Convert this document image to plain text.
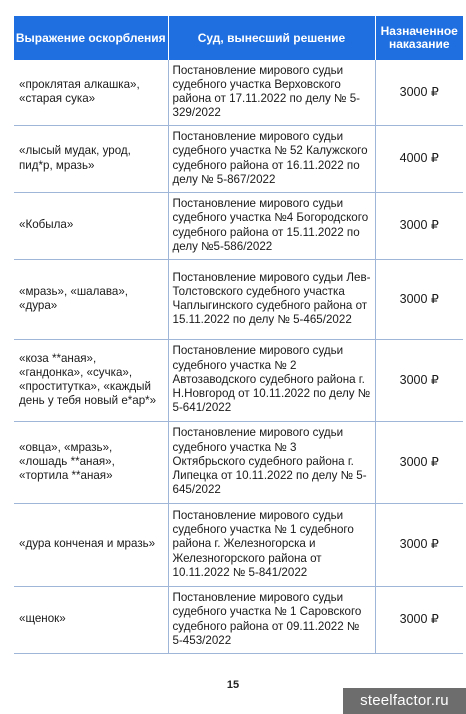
Выражение оскорбления	Суд, вынесший решение	Назначенное наказание
«проклятая алкашка», «старая сука»	Постановление мирового судьи судебного участка Верховского района от 17.11.2022 по делу № 5-329/2022	3000 ₽
«лысый мудак, урод, пид*р, мразь»	Постановление мирового судьи судебного участка № 52 Калужского судебного района от 16.11.2022 по делу № 5-867/2022	4000 ₽
«Кобыла»	Постановление мирового судьи судебного участка №4 Богородского судебного района от 15.11.2022 по делу №5-586/2022	3000 ₽
«мразь», «шалава», «дура»	Постановление мирового судьи Лев-Толстовского судебного участка Чаплыгинского судебного района от 15.11.2022 по делу № 5-465/2022	3000 ₽
«коза **аная», «гандонка», «сучка», «проститутка», «каждый день у тебя новый е*ар*»	Постановление мирового судьи судебного участка № 2 Автозаводского судебного района г. Н.Новгород от 10.11.2022 по делу № 5-641/2022	3000 ₽
«овца», «мразь», «лошадь **аная», «тортила **аная»	Постановление мирового судьи судебного участка № 3 Октябрьского судебного района г. Липецка от 10.11.2022 по делу № 5-645/2022	3000 ₽
«дура конченая и мразь»	Постановление мирового судьи судебного участка № 1 судебного района г. Железногорска и Железногорского района от 10.11.2022 № 5-841/2022	3000 ₽
«щенок»	Постановление мирового судьи судебного участка № 1 Саровского судебного района от 09.11.2022 № 5-453/2022	3000 ₽
15
steelfactor.ru
